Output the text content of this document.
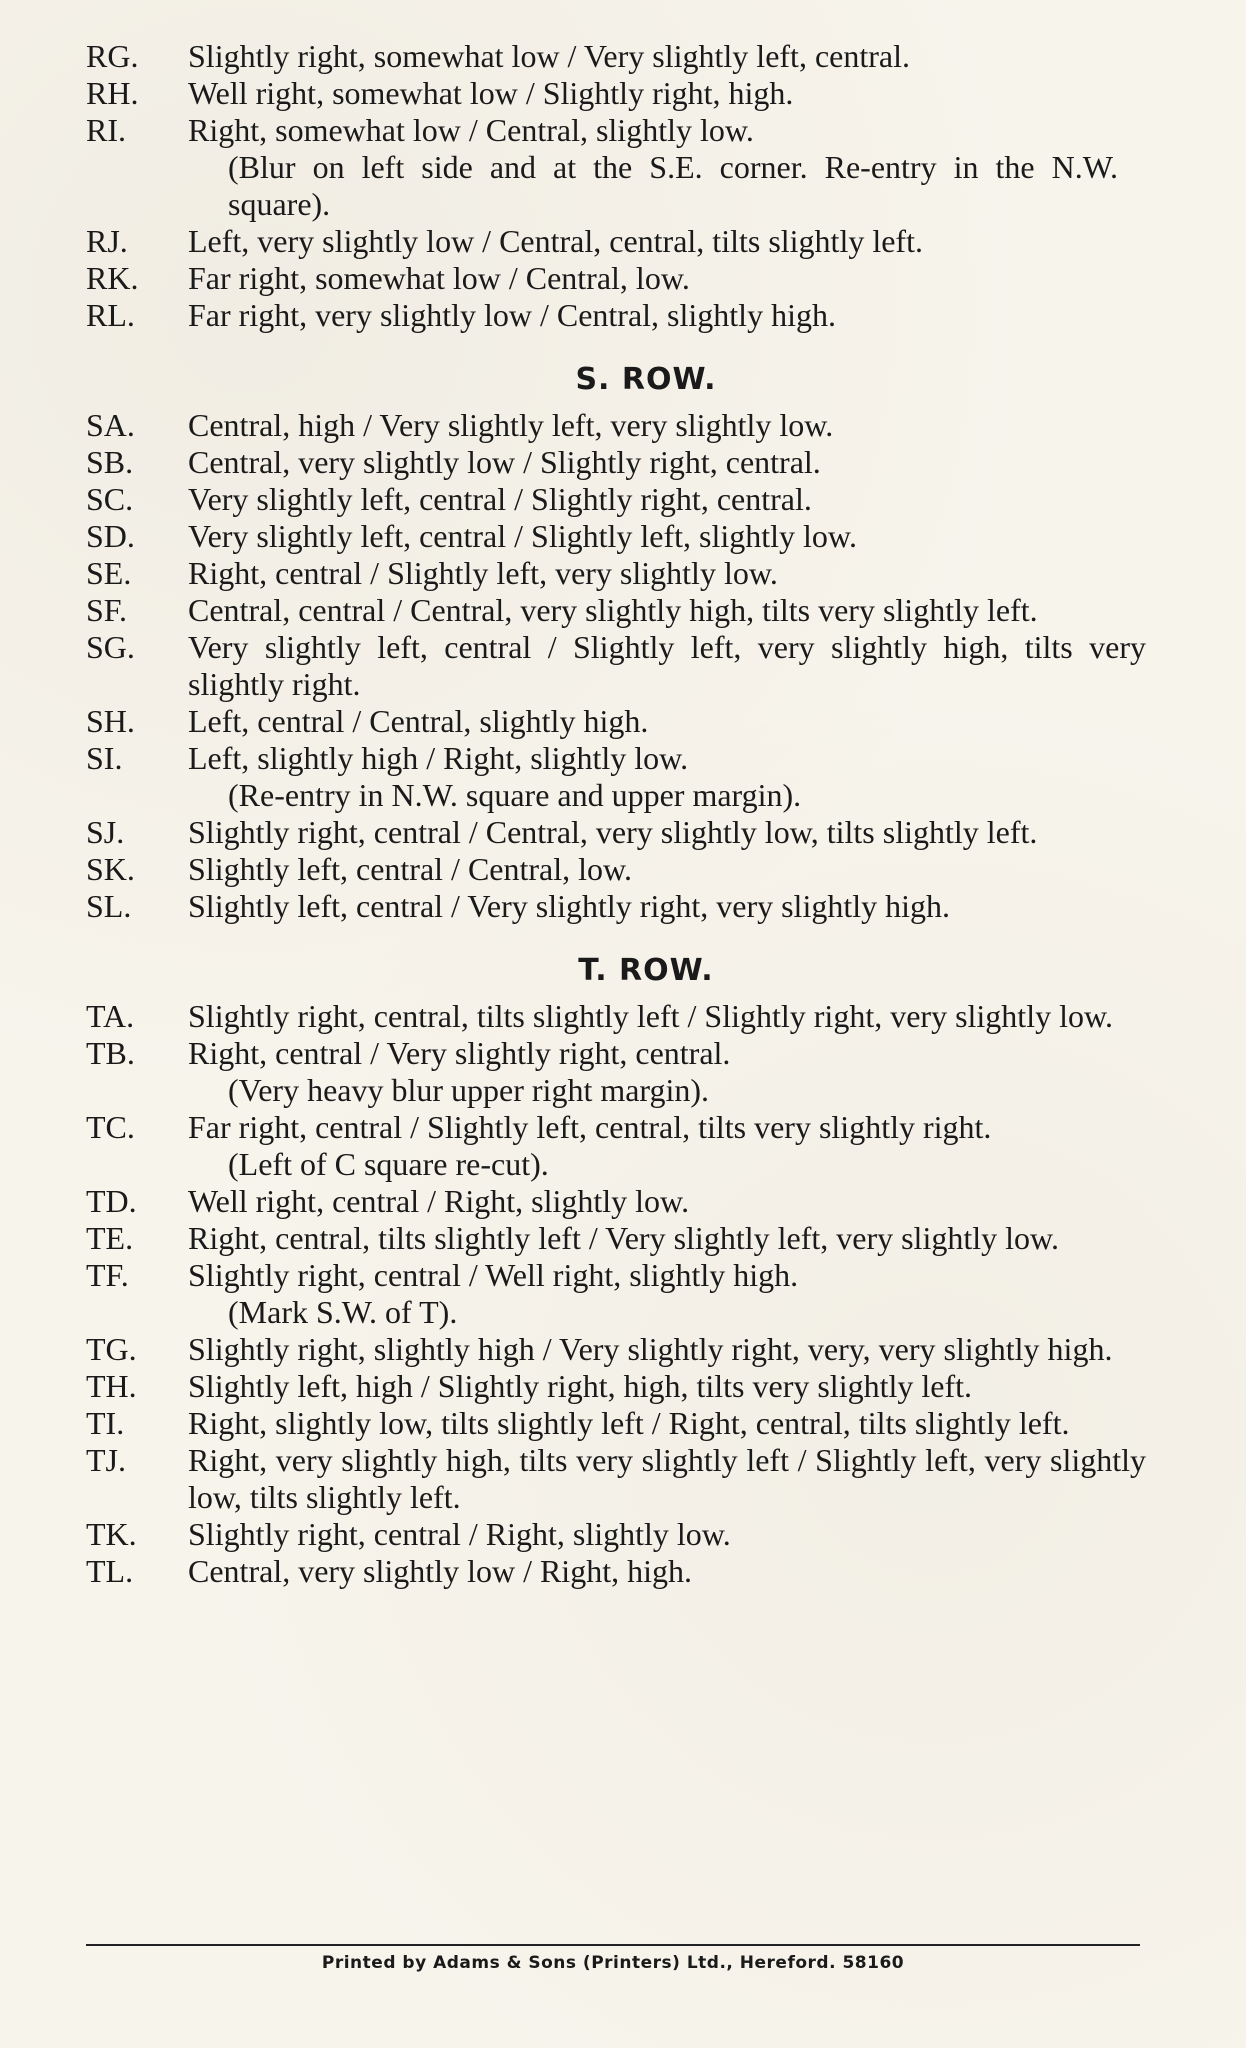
RG.	Slightly right, somewhat low / Very slightly left, central.
RH.	Well right, somewhat low / Slightly right, high.
RI.	Right, somewhat low / Central, slightly low.
(Blur on left side and at the S.E. corner. Re-entry in the N.W. square).
RJ.	Left, very slightly low / Central, central, tilts slightly left.
RK.	Far right, somewhat low / Central, low.
RL.	Far right, very slightly low / Central, slightly high.
S. ROW.
SA.	Central, high / Very slightly left, very slightly low.
SB.	Central, very slightly low / Slightly right, central.
SC.	Very slightly left, central / Slightly right, central.
SD.	Very slightly left, central / Slightly left, slightly low.
SE.	Right, central / Slightly left, very slightly low.
SF.	Central, central / Central, very slightly high, tilts very slightly left.
SG.	Very slightly left, central / Slightly left, very slightly high, tilts very slightly right.
SH.	Left, central / Central, slightly high.
SI.	Left, slightly high / Right, slightly low.
(Re-entry in N.W. square and upper margin).
SJ.	Slightly right, central / Central, very slightly low, tilts slightly left.
SK.	Slightly left, central / Central, low.
SL.	Slightly left, central / Very slightly right, very slightly high.
T. ROW.
TA.	Slightly right, central, tilts slightly left / Slightly right, very slightly low.
TB.	Right, central / Very slightly right, central.
(Very heavy blur upper right margin).
TC.	Far right, central / Slightly left, central, tilts very slightly right.
(Left of C square re-cut).
TD.	Well right, central / Right, slightly low.
TE.	Right, central, tilts slightly left / Very slightly left, very slightly low.
TF.	Slightly right, central / Well right, slightly high.
(Mark S.W. of T).
TG.	Slightly right, slightly high / Very slightly right, very, very slightly high.
TH.	Slightly left, high / Slightly right, high, tilts very slightly left.
TI.	Right, slightly low, tilts slightly left / Right, central, tilts slightly left.
TJ.	Right, very slightly high, tilts very slightly left / Slightly left, very slightly low, tilts slightly left.
TK.	Slightly right, central / Right, slightly low.
TL.	Central, very slightly low / Right, high.
Printed by Adams & Sons (Printers) Ltd., Hereford. 58160
